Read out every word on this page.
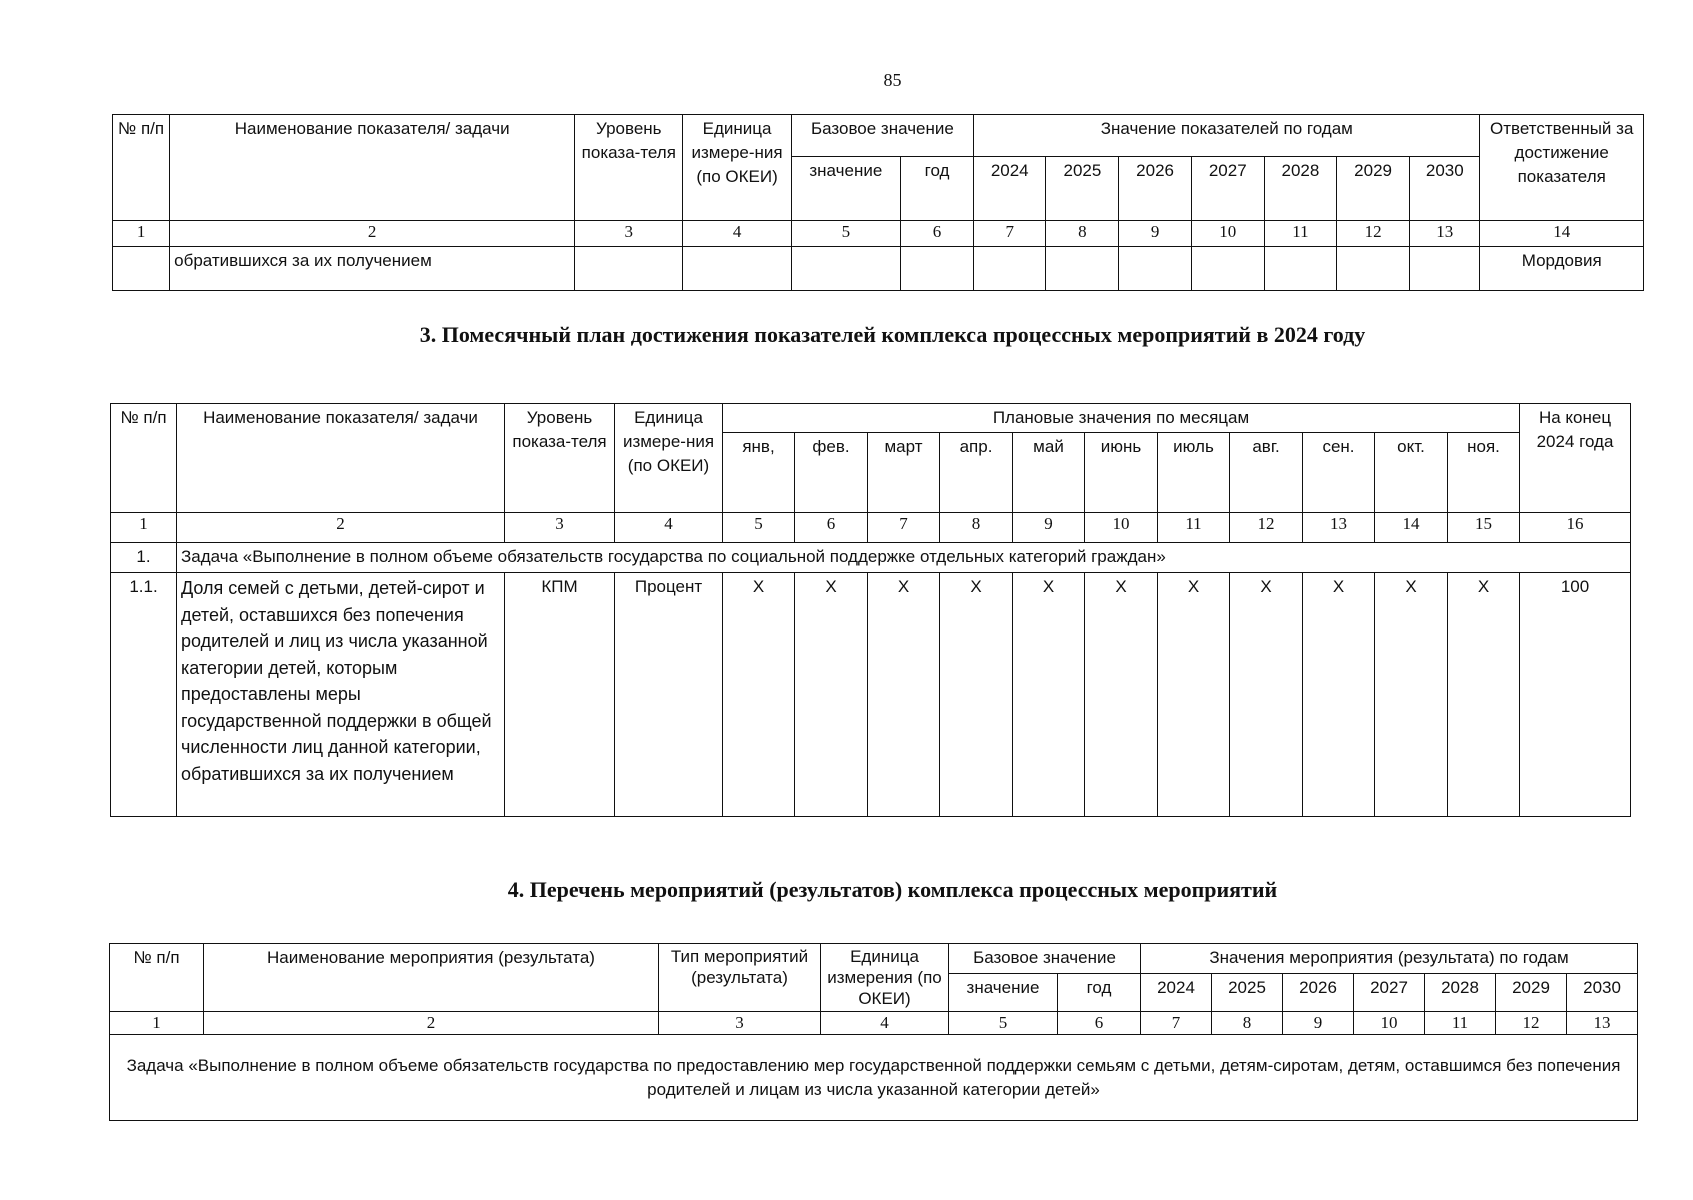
85
№ п/п	Наименование показателя/ задачи	Уровень показа-теля	Единица измере-ния (по ОКЕИ)	Базовое значение		Значение показателей по годам							Ответственный за достижение показателя
				значение	год	2024	2025	2026	2027	2028	2029	2030	
1	2	3	4	5	6	7	8	9	10	11	12	13	14
	обратившихся за их получением												Мордовия
3. Помесячный план достижения показателей комплекса процессных мероприятий в 2024 году
№ п/п	Наименование показателя/ задачи	Уровень показа-теля	Единица измере-ния (по ОКЕИ)	Плановые значения по месяцам											На конец 2024 года
				янв,	фев.	март	апр.	май	июнь	июль	авг.	сен.	окт.	ноя.	
1	2	3	4	5	6	7	8	9	10	11	12	13	14	15	16
1.	Задача «Выполнение в полном объеме обязательств государства по социальной поддержке отдельных категорий граждан»														
1.1.	Доля семей с детьми, детей-сирот и детей, оставшихся без попечения родителей и лиц из числа указанной категории детей, которым предоставлены меры государственной поддержки в общей численности лиц данной категории, обратившихся за их получением	КПМ	Процент	X	X	X	X	X	X	X	X	X	X	X	100
4. Перечень мероприятий (результатов) комплекса процессных мероприятий
№ п/п	Наименование мероприятия (результата)	Тип мероприятий (результата)	Единица измерения (по ОКЕИ)	Базовое значение		Значения мероприятия (результата) по годам						
				значение	год	2024	2025	2026	2027	2028	2029	2030
1	2	3	4	5	6	7	8	9	10	11	12	13
Задача «Выполнение в полном объеме обязательств государства по предоставлению мер государственной поддержки семьям с детьми, детям-сиротам, детям, оставшимся без попечения родителей и лицам из числа указанной категории детей»												
